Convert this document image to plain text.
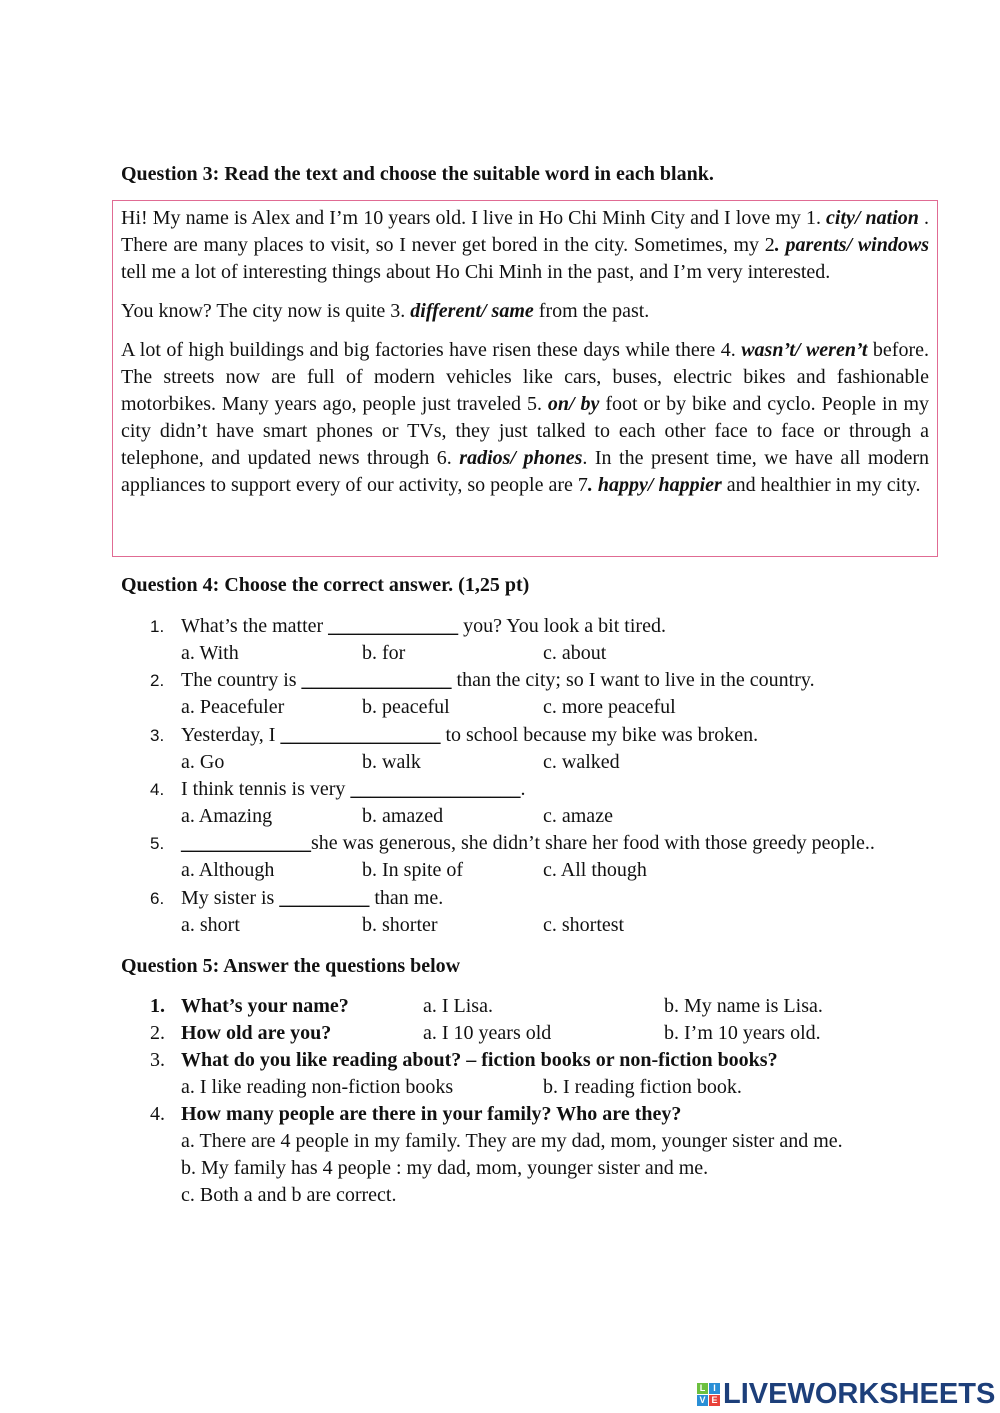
Question 3: Read the text and choose the suitable word in each blank.

Hi! My name is Alex and I’m 10 years old. I live in Ho Chi Minh City and I love my 1. city/ nation . There are many places to visit, so I never get bored in the city. Sometimes, my 2. parents/ windows tell me a lot of interesting things about Ho Chi Minh in the past, and I’m very interested.

You know? The city now is quite 3. different/ same from the past.

A lot of high buildings and big factories have risen these days while there 4. wasn’t/ weren’t before. The streets now are full of modern vehicles like cars, buses, electric bikes and fashionable motorbikes. Many years ago, people just traveled 5. on/ by foot or by bike and cyclo. People in my city didn’t have smart phones or TVs, they just talked to each other face to face or through a telephone, and updated news through 6. radios/ phones. In the present time, we have all modern appliances to support every of our activity, so people are 7. happy/ happier and healthier in my city.

Question 4: Choose the correct answer. (1,25 pt)
1. What’s the matter _____________ you? You look a bit tired.
a. With	b. for	c. about
2. The country is _______________ than the city; so I want to live in the country.
a. Peacefuler	b. peaceful	c. more peaceful
3. Yesterday, I ________________ to school because my bike was broken.
a. Go	b. walk	c. walked
4. I think tennis is very _________________.
a. Amazing	b. amazed	c. amaze
5. _____________she was generous, she didn’t share her food with those greedy people..
a. Although	b. In spite of	c. All though
6. My sister is _________ than me.
a. short	b. shorter	c. shortest
Question 5: Answer the questions below
1. What’s your name?	a. I Lisa.	b. My name is Lisa.
2. How old are you?	a. I 10 years old	b. I’m 10 years old.
3. What do you like reading about? – fiction books or non-fiction books?
a. I like reading non-fiction books	b. I reading fiction book.
4. How many people are there in your family? Who are they?
a. There are 4 people in my family. They are my dad, mom, younger sister and me.
b. My family has 4 people : my dad, mom, younger sister and me.
c. Both a and b are correct.
L I
V E LIVEWORKSHEETS
